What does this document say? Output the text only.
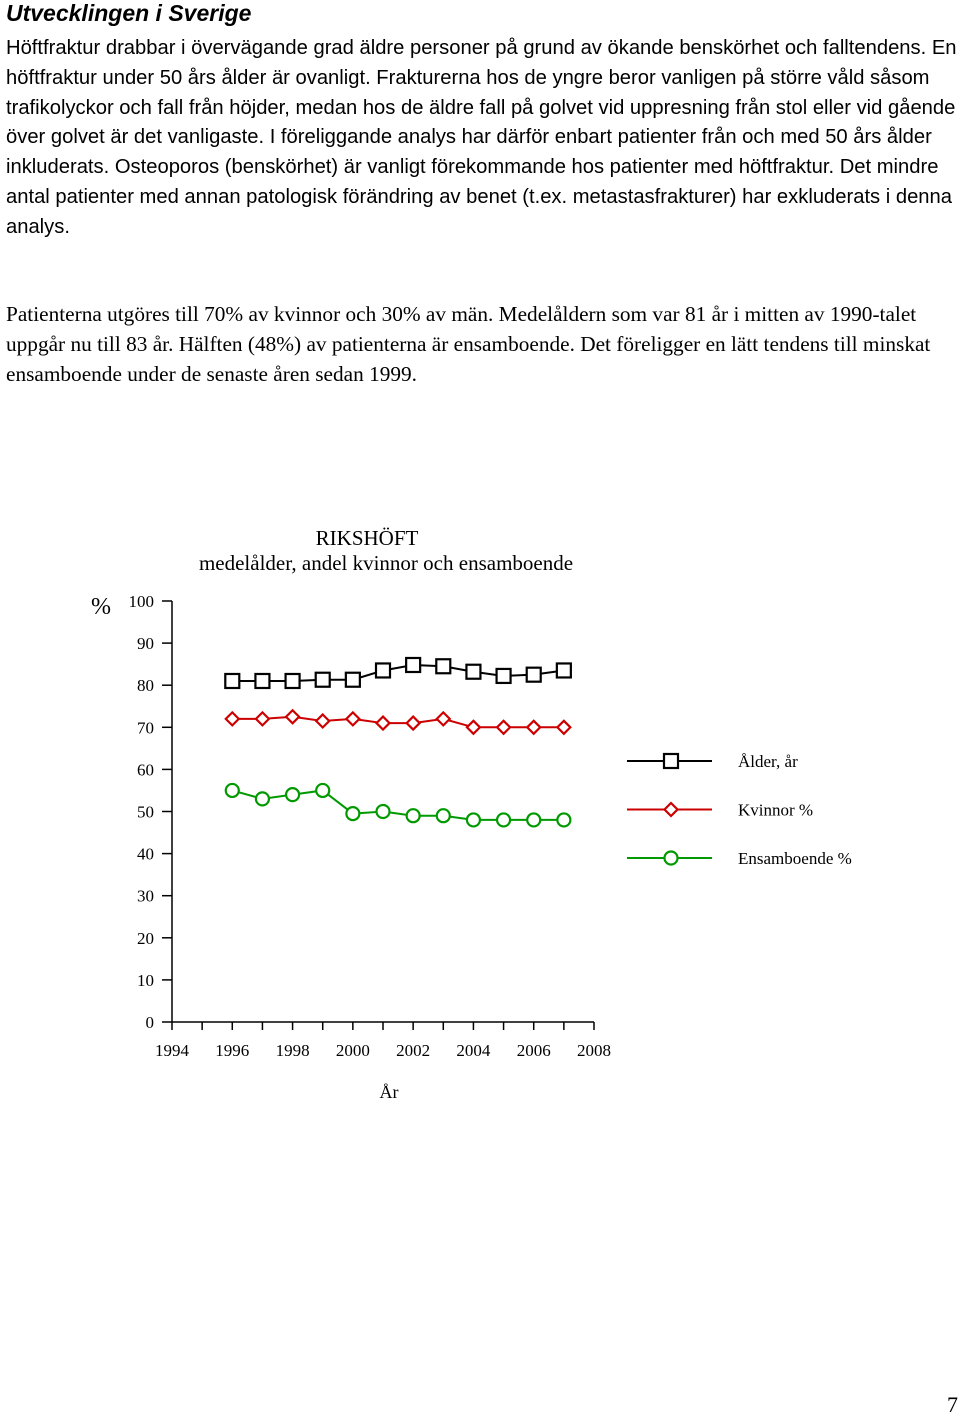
Utvecklingen i Sverige

Höftfraktur drabbar i övervägande grad äldre personer på grund av ökande benskörhet och falltendens. En höftfraktur under 50 års ålder är ovanligt. Frakturerna hos de yngre beror vanligen på större våld såsom trafikolyckor och fall från höjder, medan hos de äldre fall på golvet vid uppresning från stol eller vid gående över golvet är det vanligaste. I föreliggande analys har därför enbart patienter från och med 50 års ålder inkluderats. Osteoporos (benskörhet) är vanligt förekommande hos patienter med höftfraktur. Det mindre antal patienter med annan patologisk förändring av benet (t.ex. metastasfrakturer) har exkluderats i denna analys.

Patienterna utgöres till 70% av kvinnor och 30% av män. Medelåldern som var 81 år i mitten av 1990-talet uppgår nu till 83 år. Hälften (48%) av patienterna är ensamboende. Det föreligger en lätt tendens till minskat ensamboende under de senaste åren sedan 1999.

RIKSHÖFT
medelålder, andel kvinnor och ensamboende
%
År
0
10
20
30
40
50
60
70
80
90
100
1994 1996 1998 2000 2002 2004 2006 2008
Ålder, år
Kvinnor %
Ensamboende %
7
